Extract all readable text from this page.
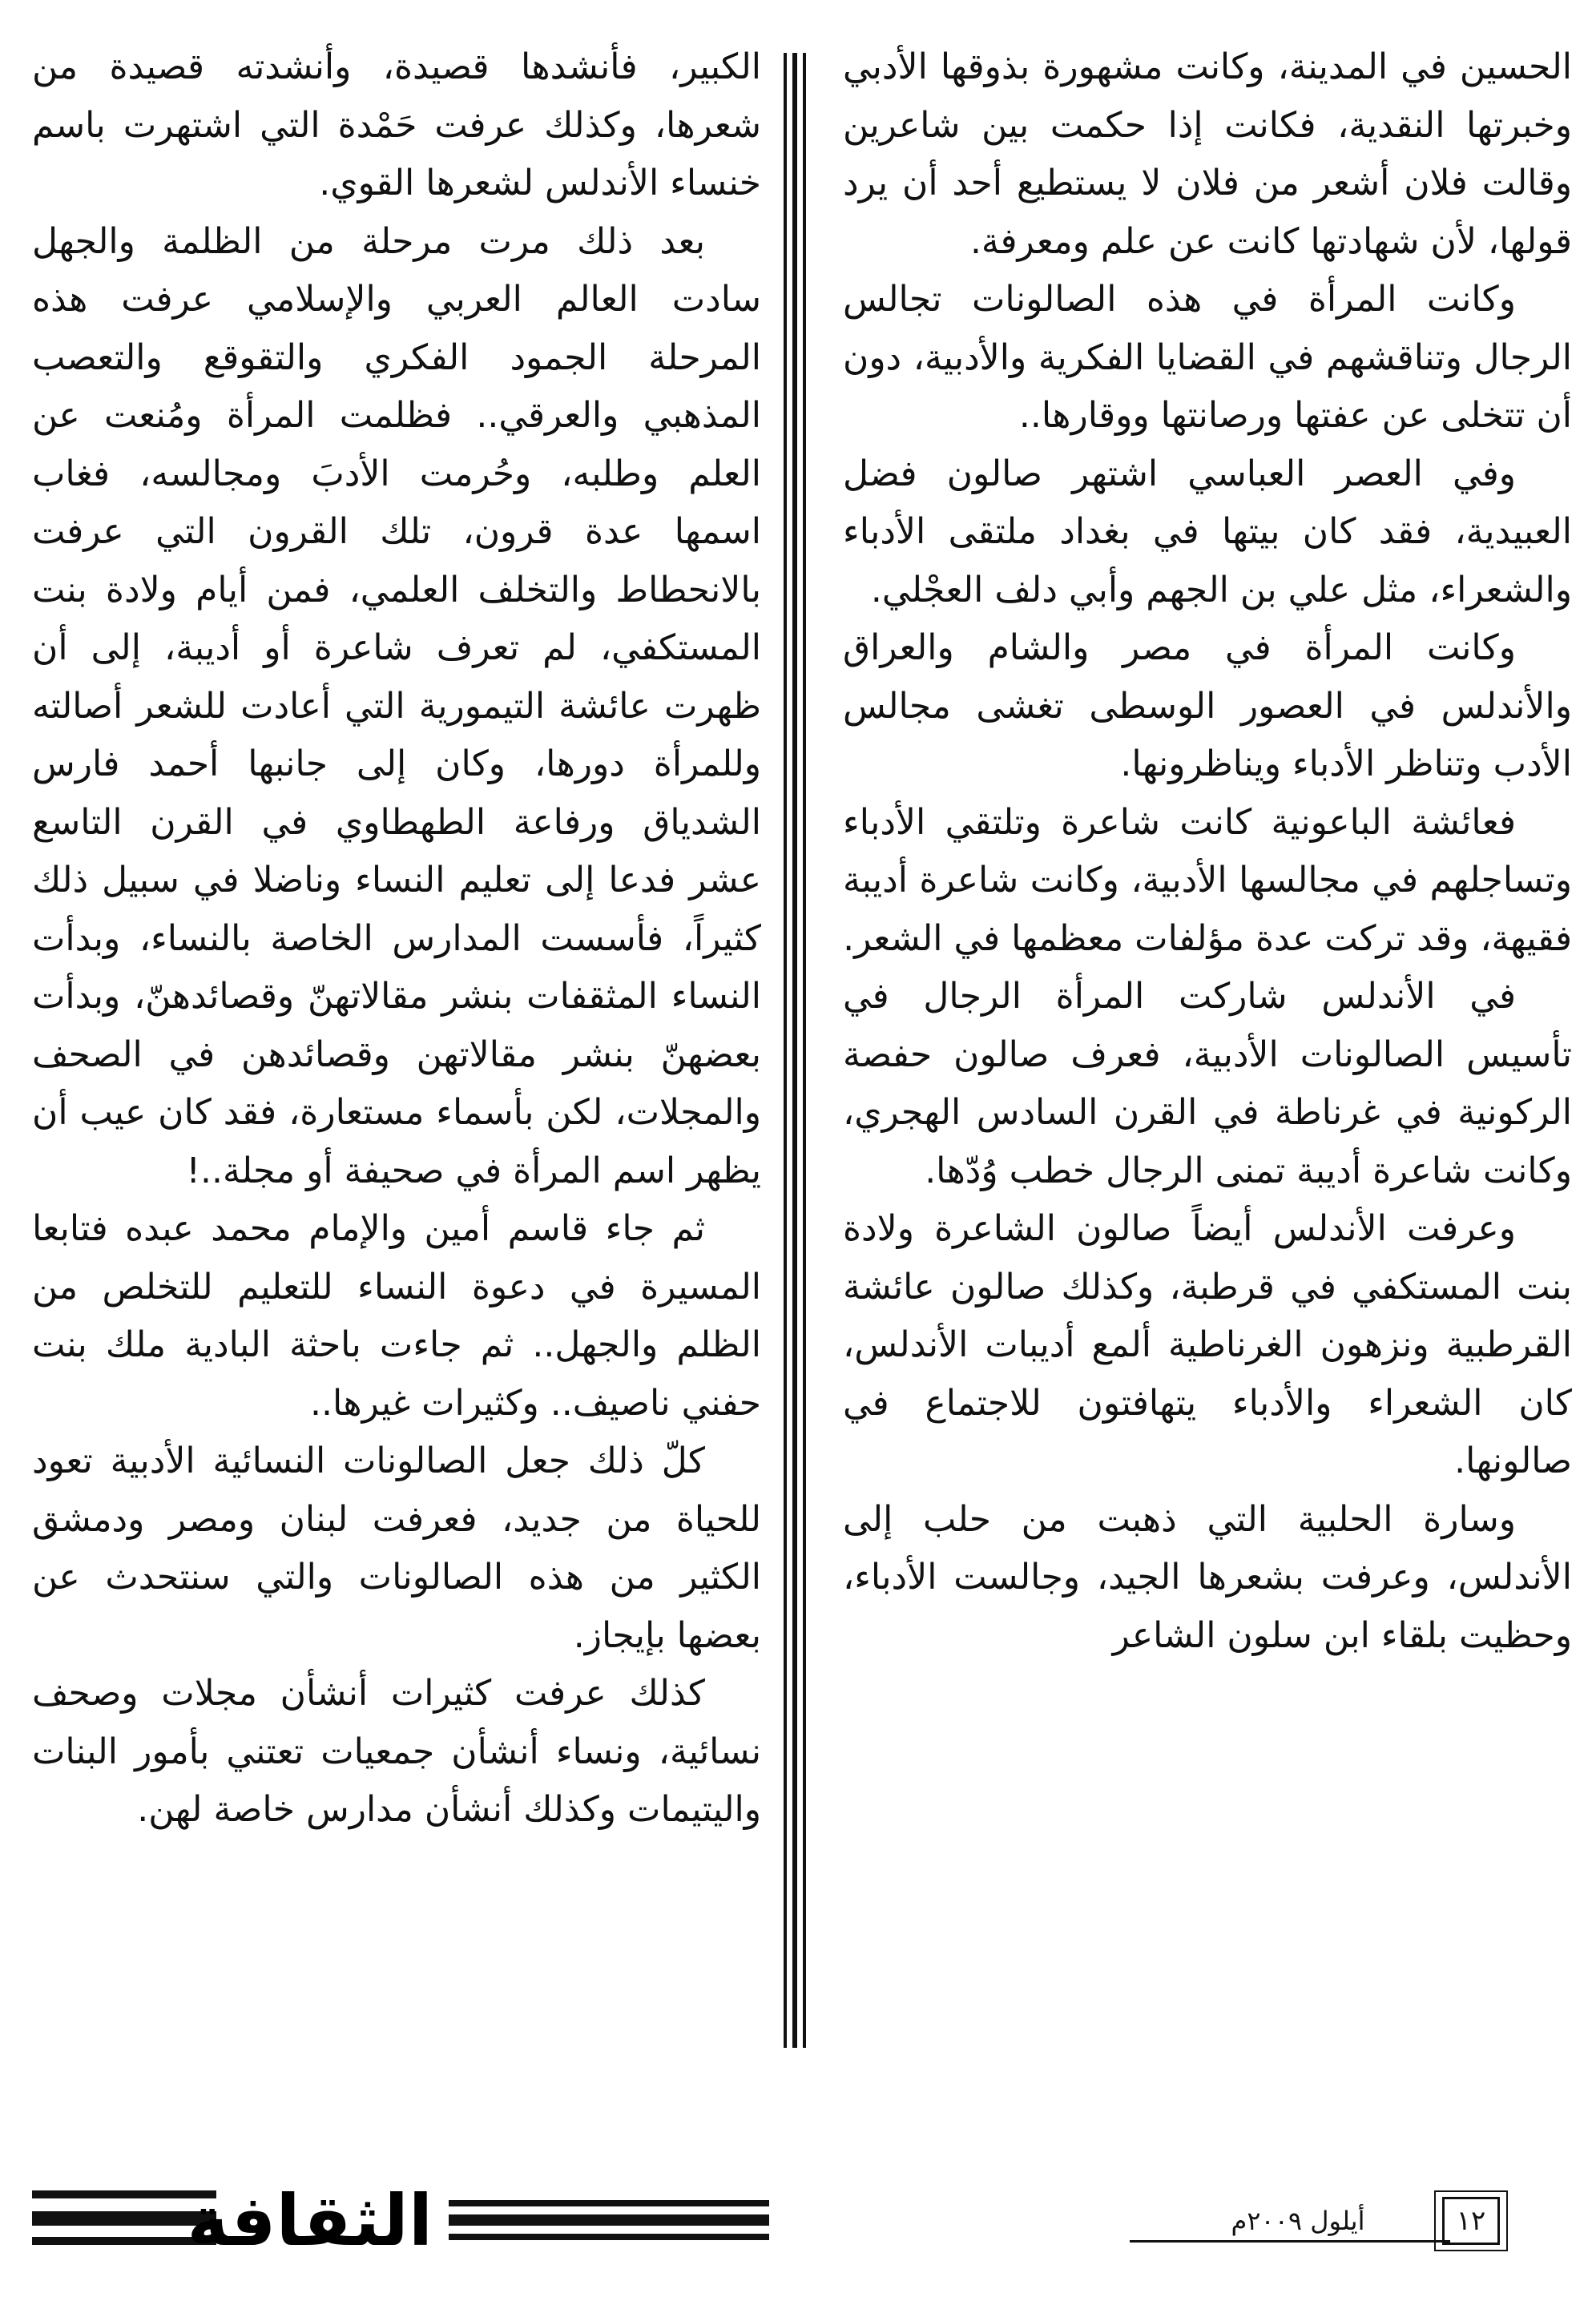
الحسين في المدينة، وكانت مشهورة بذوقها الأدبي وخبرتها النقدية، فكانت إذا حكمت بين شاعرين وقالت فلان أشعر من فلان لا يستطيع أحد أن يرد قولها، لأن شهادتها كانت عن علم ومعرفة.

وكانت المرأة في هذه الصالونات تجالس الرجال وتناقشهم في القضايا الفكرية والأدبية، دون أن تتخلى عن عفتها ورصانتها ووقارها..

وفي العصر العباسي اشتهر صالون فضل العبيدية، فقد كان بيتها في بغداد ملتقى الأدباء والشعراء، مثل علي بن الجهم وأبي دلف العجْلي.

وكانت المرأة في مصر والشام والعراق والأندلس في العصور الوسطى تغشى مجالس الأدب وتناظر الأدباء ويناظرونها.

فعائشة الباعونية كانت شاعرة وتلتقي الأدباء وتساجلهم في مجالسها الأدبية، وكانت شاعرة أديبة فقيهة، وقد تركت عدة مؤلفات معظمها في الشعر.

في الأندلس شاركت المرأة الرجال في تأسيس الصالونات الأدبية، فعرف صالون حفصة الركونية في غرناطة في القرن السادس الهجري، وكانت شاعرة أديبة تمنى الرجال خطب وُدّها.

وعرفت الأندلس أيضاً صالون الشاعرة ولادة بنت المستكفي في قرطبة، وكذلك صالون عائشة القرطبية ونزهون الغرناطية ألمع أديبات الأندلس، كان الشعراء والأدباء يتهافتون للاجتماع في صالونها.

وسارة الحلبية التي ذهبت من حلب إلى الأندلس، وعرفت بشعرها الجيد، وجالست الأدباء، وحظيت بلقاء ابن سلون الشاعر

الكبير، فأنشدها قصيدة، وأنشدته قصيدة من شعرها، وكذلك عرفت حَمْدة التي اشتهرت باسم خنساء الأندلس لشعرها القوي.

بعد ذلك مرت مرحلة من الظلمة والجهل سادت العالم العربي والإسلامي عرفت هذه المرحلة الجمود الفكري والتقوقع والتعصب المذهبي والعرقي.. فظلمت المرأة ومُنعت عن العلم وطلبه، وحُرمت الأدبَ ومجالسه، فغاب اسمها عدة قرون، تلك القرون التي عرفت بالانحطاط والتخلف العلمي، فمن أيام ولادة بنت المستكفي، لم تعرف شاعرة أو أديبة، إلى أن ظهرت عائشة التيمورية التي أعادت للشعر أصالته وللمرأة دورها، وكان إلى جانبها أحمد فارس الشدياق ورفاعة الطهطاوي في القرن التاسع عشر فدعا إلى تعليم النساء وناضلا في سبيل ذلك كثيراً، فأسست المدارس الخاصة بالنساء، وبدأت النساء المثقفات بنشر مقالاتهنّ وقصائدهنّ، وبدأت بعضهنّ بنشر مقالاتهن وقصائدهن في الصحف والمجلات، لكن بأسماء مستعارة، فقد كان عيب أن يظهر اسم المرأة في صحيفة أو مجلة..!

ثم جاء قاسم أمين والإمام محمد عبده فتابعا المسيرة في دعوة النساء للتعليم للتخلص من الظلم والجهل.. ثم جاءت باحثة البادية ملك بنت حفني ناصيف.. وكثيرات غيرها..

كلّ ذلك جعل الصالونات النسائية الأدبية تعود للحياة من جديد، فعرفت لبنان ومصر ودمشق الكثير من هذه الصالونات والتي سنتحدث عن بعضها بإيجاز.

كذلك عرفت كثيرات أنشأن مجلات وصحف نسائية، ونساء أنشأن جمعيات تعتني بأمور البنات واليتيمات وكذلك أنشأن مدارس خاصة لهن.

الثقافة	أيلول ٢٠٠٩م	١٢
